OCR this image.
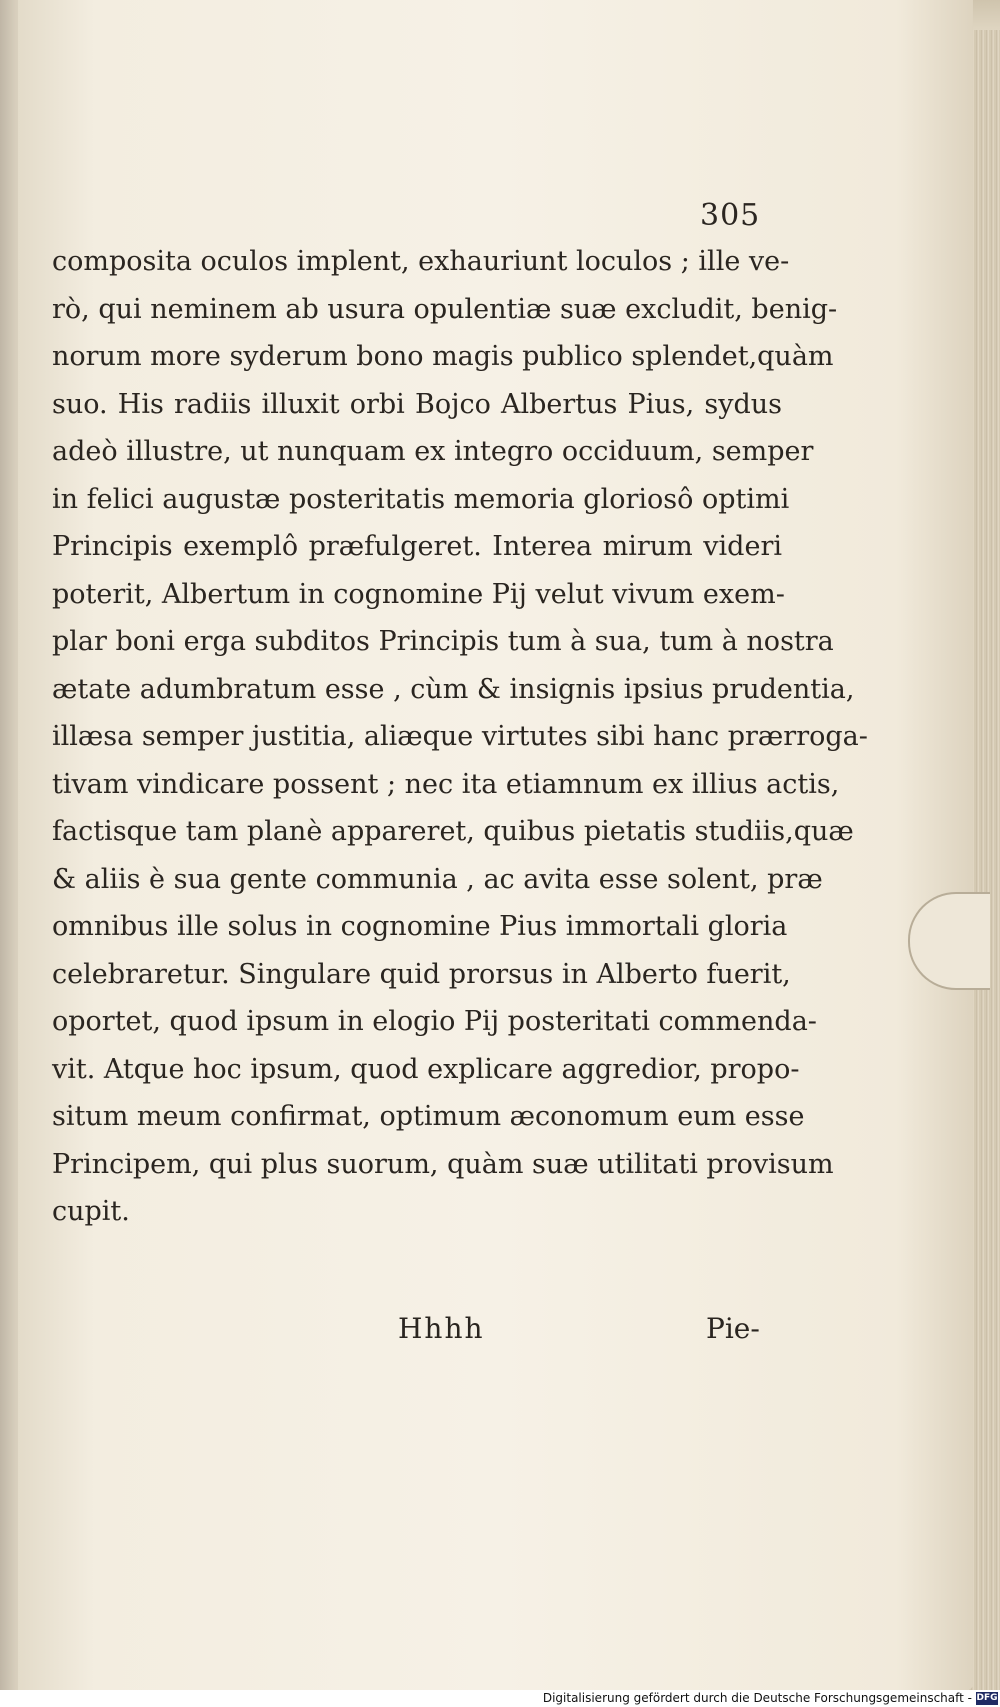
305
composita oculos implent, exhauriunt loculos ; ille ve-
rò, qui neminem ab usura opulentiæ suæ excludit, benig-
norum more syderum bono magis publico splendet,quàm
suo. His radiis illuxit orbi Bojco Albertus Pius, sydus
adeò illustre, ut nunquam ex integro occiduum, semper
in felici augustæ posteritatis memoria gloriosô optimi
Principis exemplô præfulgeret. Interea mirum videri
poterit, Albertum in cognomine Pij velut vivum exem-
plar boni erga subditos Principis tum à sua, tum à nostra
ætate adumbratum esse , cùm & insignis ipsius prudentia,
illæsa semper justitia, aliæque virtutes sibi hanc prærroga-
tivam vindicare possent ; nec ita etiamnum ex illius actis,
factisque tam planè appareret, quibus pietatis studiis,quæ
& aliis è sua gente communia , ac avita esse solent, præ
omnibus ille solus in cognomine Pius immortali gloria
celebraretur. Singulare quid prorsus in Alberto fuerit,
oportet, quod ipsum in elogio Pij posteritati commenda-
vit. Atque hoc ipsum, quod explicare aggredior, propo-
situm meum confirmat, optimum æconomum eum esse
Principem, qui plus suorum, quàm suæ utilitati provisum
cupit.
Hhhh	Pie-
Digitalisierung gefördert durch die Deutsche Forschungsgemeinschaft - DFG
